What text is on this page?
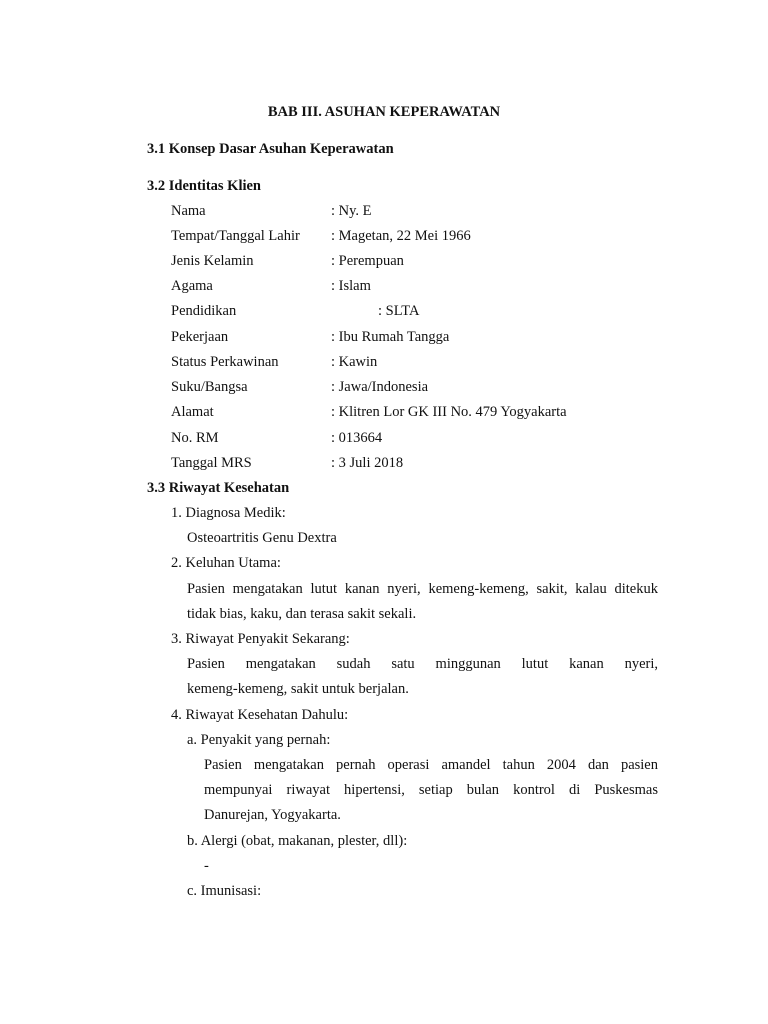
BAB III. ASUHAN KEPERAWATAN
3.1 Konsep Dasar Asuhan Keperawatan
3.2 Identitas Klien
Nama	: Ny. E
Tempat/Tanggal Lahir : Magetan, 22 Mei 1966
Jenis Kelamin	: Perempuan
Agama	: Islam
Pendidikan	: SLTA
Pekerjaan	: Ibu Rumah Tangga
Status Perkawinan	: Kawin
Suku/Bangsa	: Jawa/Indonesia
Alamat	: Klitren Lor GK III No. 479 Yogyakarta
No. RM	: 013664
Tanggal MRS	: 3 Juli 2018
3.3 Riwayat Kesehatan
1. Diagnosa Medik:
Osteoartritis Genu Dextra
2. Keluhan Utama:
Pasien mengatakan lutut kanan nyeri, kemeng-kemeng, sakit, kalau ditekuk
tidak bias, kaku, dan terasa sakit sekali.
3. Riwayat Penyakit Sekarang:
Pasien mengatakan sudah satu minggunan lutut kanan nyeri,
kemeng-kemeng, sakit untuk berjalan.
4. Riwayat Kesehatan Dahulu:
a. Penyakit yang pernah:
Pasien mengatakan pernah operasi amandel tahun 2004 dan pasien
mempunyai riwayat hipertensi, setiap bulan kontrol di Puskesmas
Danurejan, Yogyakarta.
b. Alergi (obat, makanan, plester, dll):
-
c. Imunisasi:
